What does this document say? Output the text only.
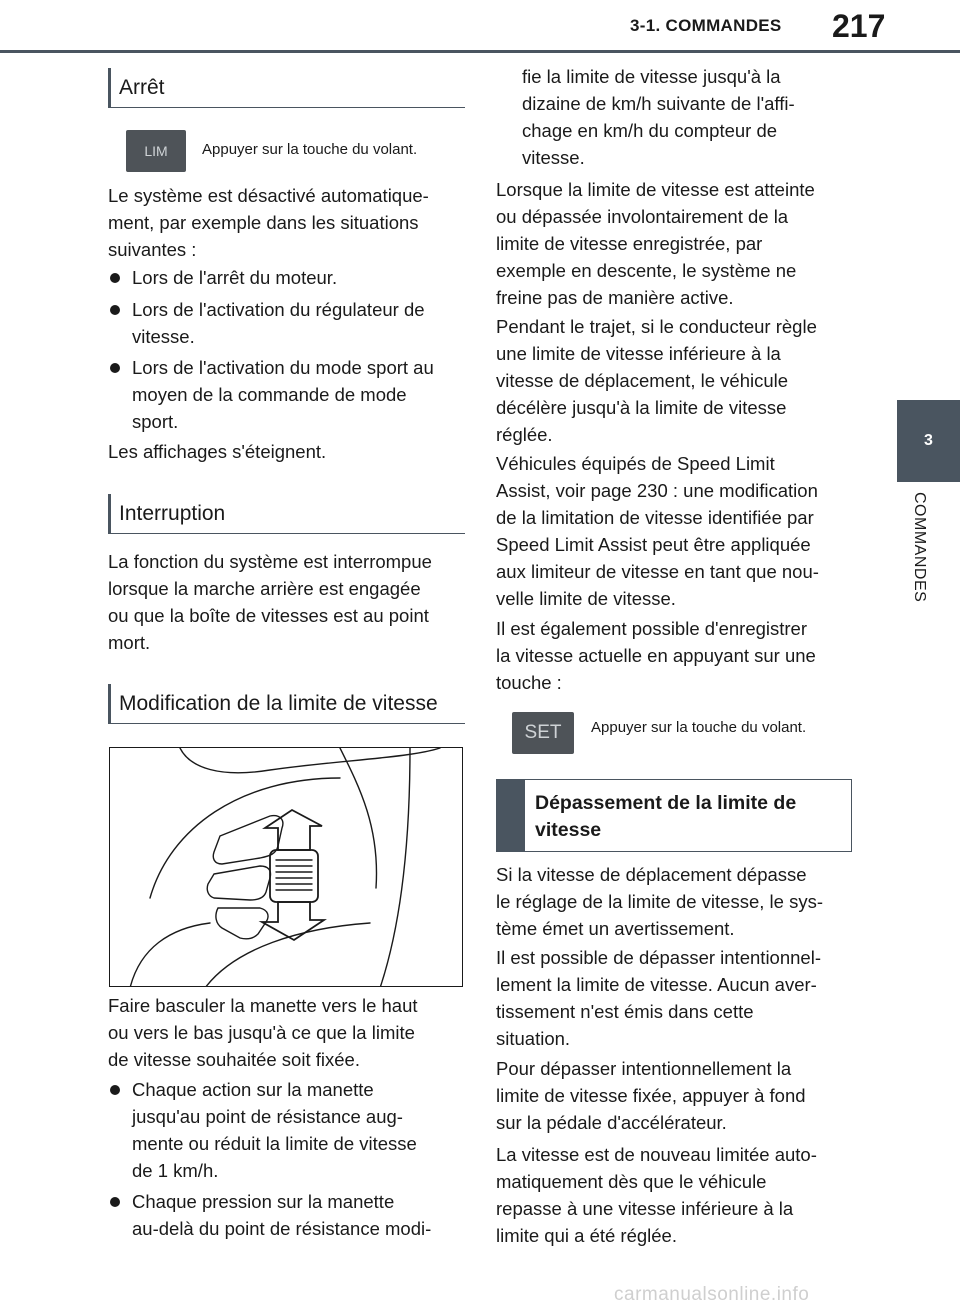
3-1. COMMANDES 217
3
COMMANDES
Arrêt
LIM Appuyer sur la touche du volant.
Le système est désactivé automatique-
ment, par exemple dans les situations
suivantes :
Lors de l'arrêt du moteur.
Lors de l'activation du régulateur de
vitesse.
Lors de l'activation du mode sport au
moyen de la commande de mode
sport.
Les affichages s'éteignent.
Interruption
La fonction du système est interrompue
lorsque la marche arrière est engagée
ou que la boîte de vitesses est au point
mort.
Modification de la limite de vitesse
Faire basculer la manette vers le haut
ou vers le bas jusqu'à ce que la limite
de vitesse souhaitée soit fixée.
Chaque action sur la manette
jusqu'au point de résistance aug-
mente ou réduit la limite de vitesse
de 1 km/h.
Chaque pression sur la manette
au-delà du point de résistance modi-
fie la limite de vitesse jusqu'à la
dizaine de km/h suivante de l'affi-
chage en km/h du compteur de
vitesse.
Lorsque la limite de vitesse est atteinte
ou dépassée involontairement de la
limite de vitesse enregistrée, par
exemple en descente, le système ne
freine pas de manière active.
Pendant le trajet, si le conducteur règle
une limite de vitesse inférieure à la
vitesse de déplacement, le véhicule
décélère jusqu'à la limite de vitesse
réglée.
Véhicules équipés de Speed Limit
Assist, voir page 230 : une modification
de la limitation de vitesse identifiée par
Speed Limit Assist peut être appliquée
aux limiteur de vitesse en tant que nou-
velle limite de vitesse.
Il est également possible d'enregistrer
la vitesse actuelle en appuyant sur une
touche :
SET Appuyer sur la touche du volant.
Dépassement de la limite de
vitesse
Si la vitesse de déplacement dépasse
le réglage de la limite de vitesse, le sys-
tème émet un avertissement.
Il est possible de dépasser intentionnel-
lement la limite de vitesse. Aucun aver-
tissement n'est émis dans cette
situation.
Pour dépasser intentionnellement la
limite de vitesse fixée, appuyer à fond
sur la pédale d'accélérateur.
La vitesse est de nouveau limitée auto-
matiquement dès que le véhicule
repasse à une vitesse inférieure à la
limite qui a été réglée.
carmanualsonline.info
